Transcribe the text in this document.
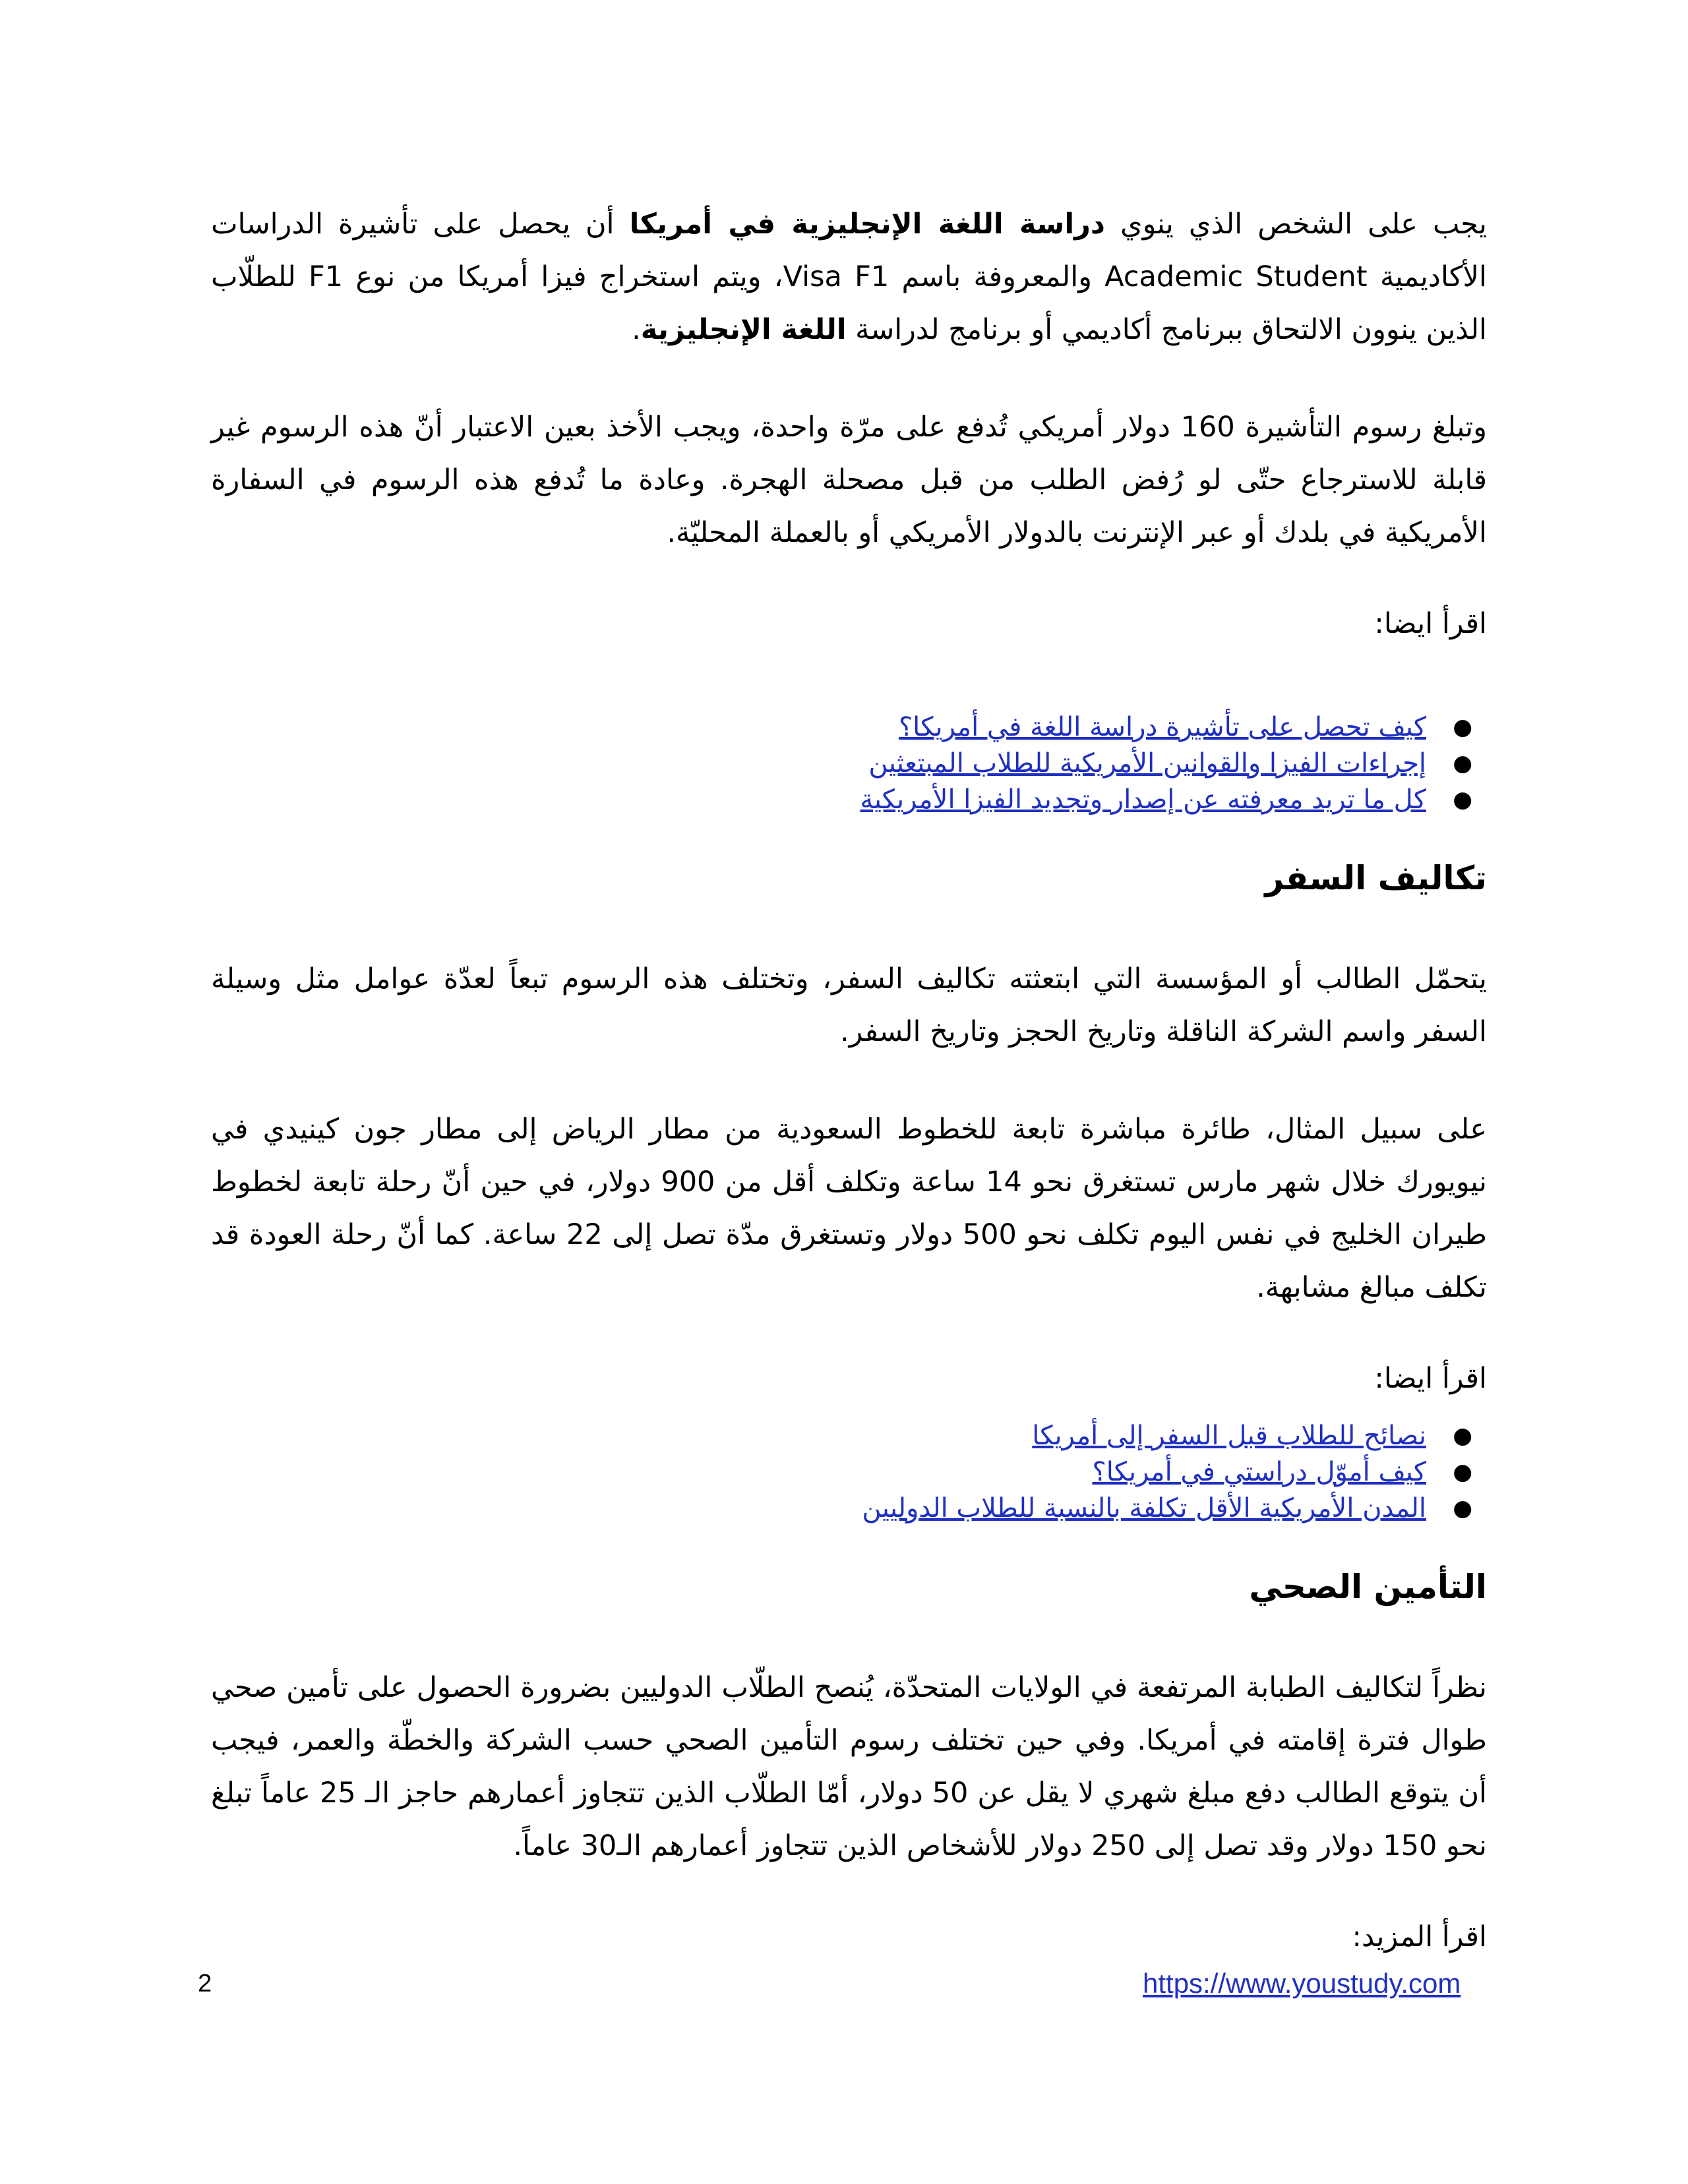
يجب على الشخص الذي ينوي دراسة اللغة الإنجليزية في أمريكا أن يحصل على تأشيرة الدراسات الأكاديمية Academic Student والمعروفة باسم Visa F1، ويتم استخراج فيزا أمريكا من نوع F1 للطلّاب الذين ينوون الالتحاق ببرنامج أكاديمي أو برنامج لدراسة اللغة الإنجليزية.

وتبلغ رسوم التأشيرة 160 دولار أمريكي تُدفع على مرّة واحدة، ويجب الأخذ بعين الاعتبار أنّ هذه الرسوم غير قابلة للاسترجاع حتّى لو رُفض الطلب من قبل مصحلة الهجرة. وعادة ما تُدفع هذه الرسوم في السفارة الأمريكية في بلدك أو عبر الإنترنت بالدولار الأمريكي أو بالعملة المحليّة.

اقرأ ايضا:

●
كيف تحصل على تأشيرة دراسة اللغة في أمريكا؟
●
إجراءات الفيزا والقوانين الأمريكية للطلاب المبتعثين
●
كل ما تريد معرفته عن إصدار وتجديد الفيزا الأمريكية
تكاليف السفر

يتحمّل الطالب أو المؤسسة التي ابتعثته تكاليف السفر، وتختلف هذه الرسوم تبعاً لعدّة عوامل مثل وسيلة السفر واسم الشركة الناقلة وتاريخ الحجز وتاريخ السفر.

على سبيل المثال، طائرة مباشرة تابعة للخطوط السعودية من مطار الرياض إلى مطار جون كينيدي في نيويورك خلال شهر مارس تستغرق نحو 14 ساعة وتكلف أقل من 900 دولار، في حين أنّ رحلة تابعة لخطوط طيران الخليج في نفس اليوم تكلف نحو 500 دولار وتستغرق مدّة تصل إلى 22 ساعة. كما أنّ رحلة العودة قد تكلف مبالغ مشابهة.

اقرأ ايضا:

●
نصائح للطلاب قبل السفر إلى أمريكا
●
كيف أموّل دراستي في أمريكا؟
●
المدن الأمريكية الأقل تكلفة بالنسبة للطلاب الدوليين
التأمين الصحي

نظراً لتكاليف الطبابة المرتفعة في الولايات المتحدّة، يُنصح الطلّاب الدوليين بضرورة الحصول على تأمين صحي طوال فترة إقامته في أمريكا. وفي حين تختلف رسوم التأمين الصحي حسب الشركة والخطّة والعمر، فيجب أن يتوقع الطالب دفع مبلغ شهري لا يقل عن 50 دولار، أمّا الطلّاب الذين تتجاوز أعمارهم حاجز الـ 25 عاماً تبلغ نحو 150 دولار وقد تصل إلى 250 دولار للأشخاص الذين تتجاوز أعمارهم الـ30 عاماً.

اقرأ المزيد:

2	https://www.youstudy.com
